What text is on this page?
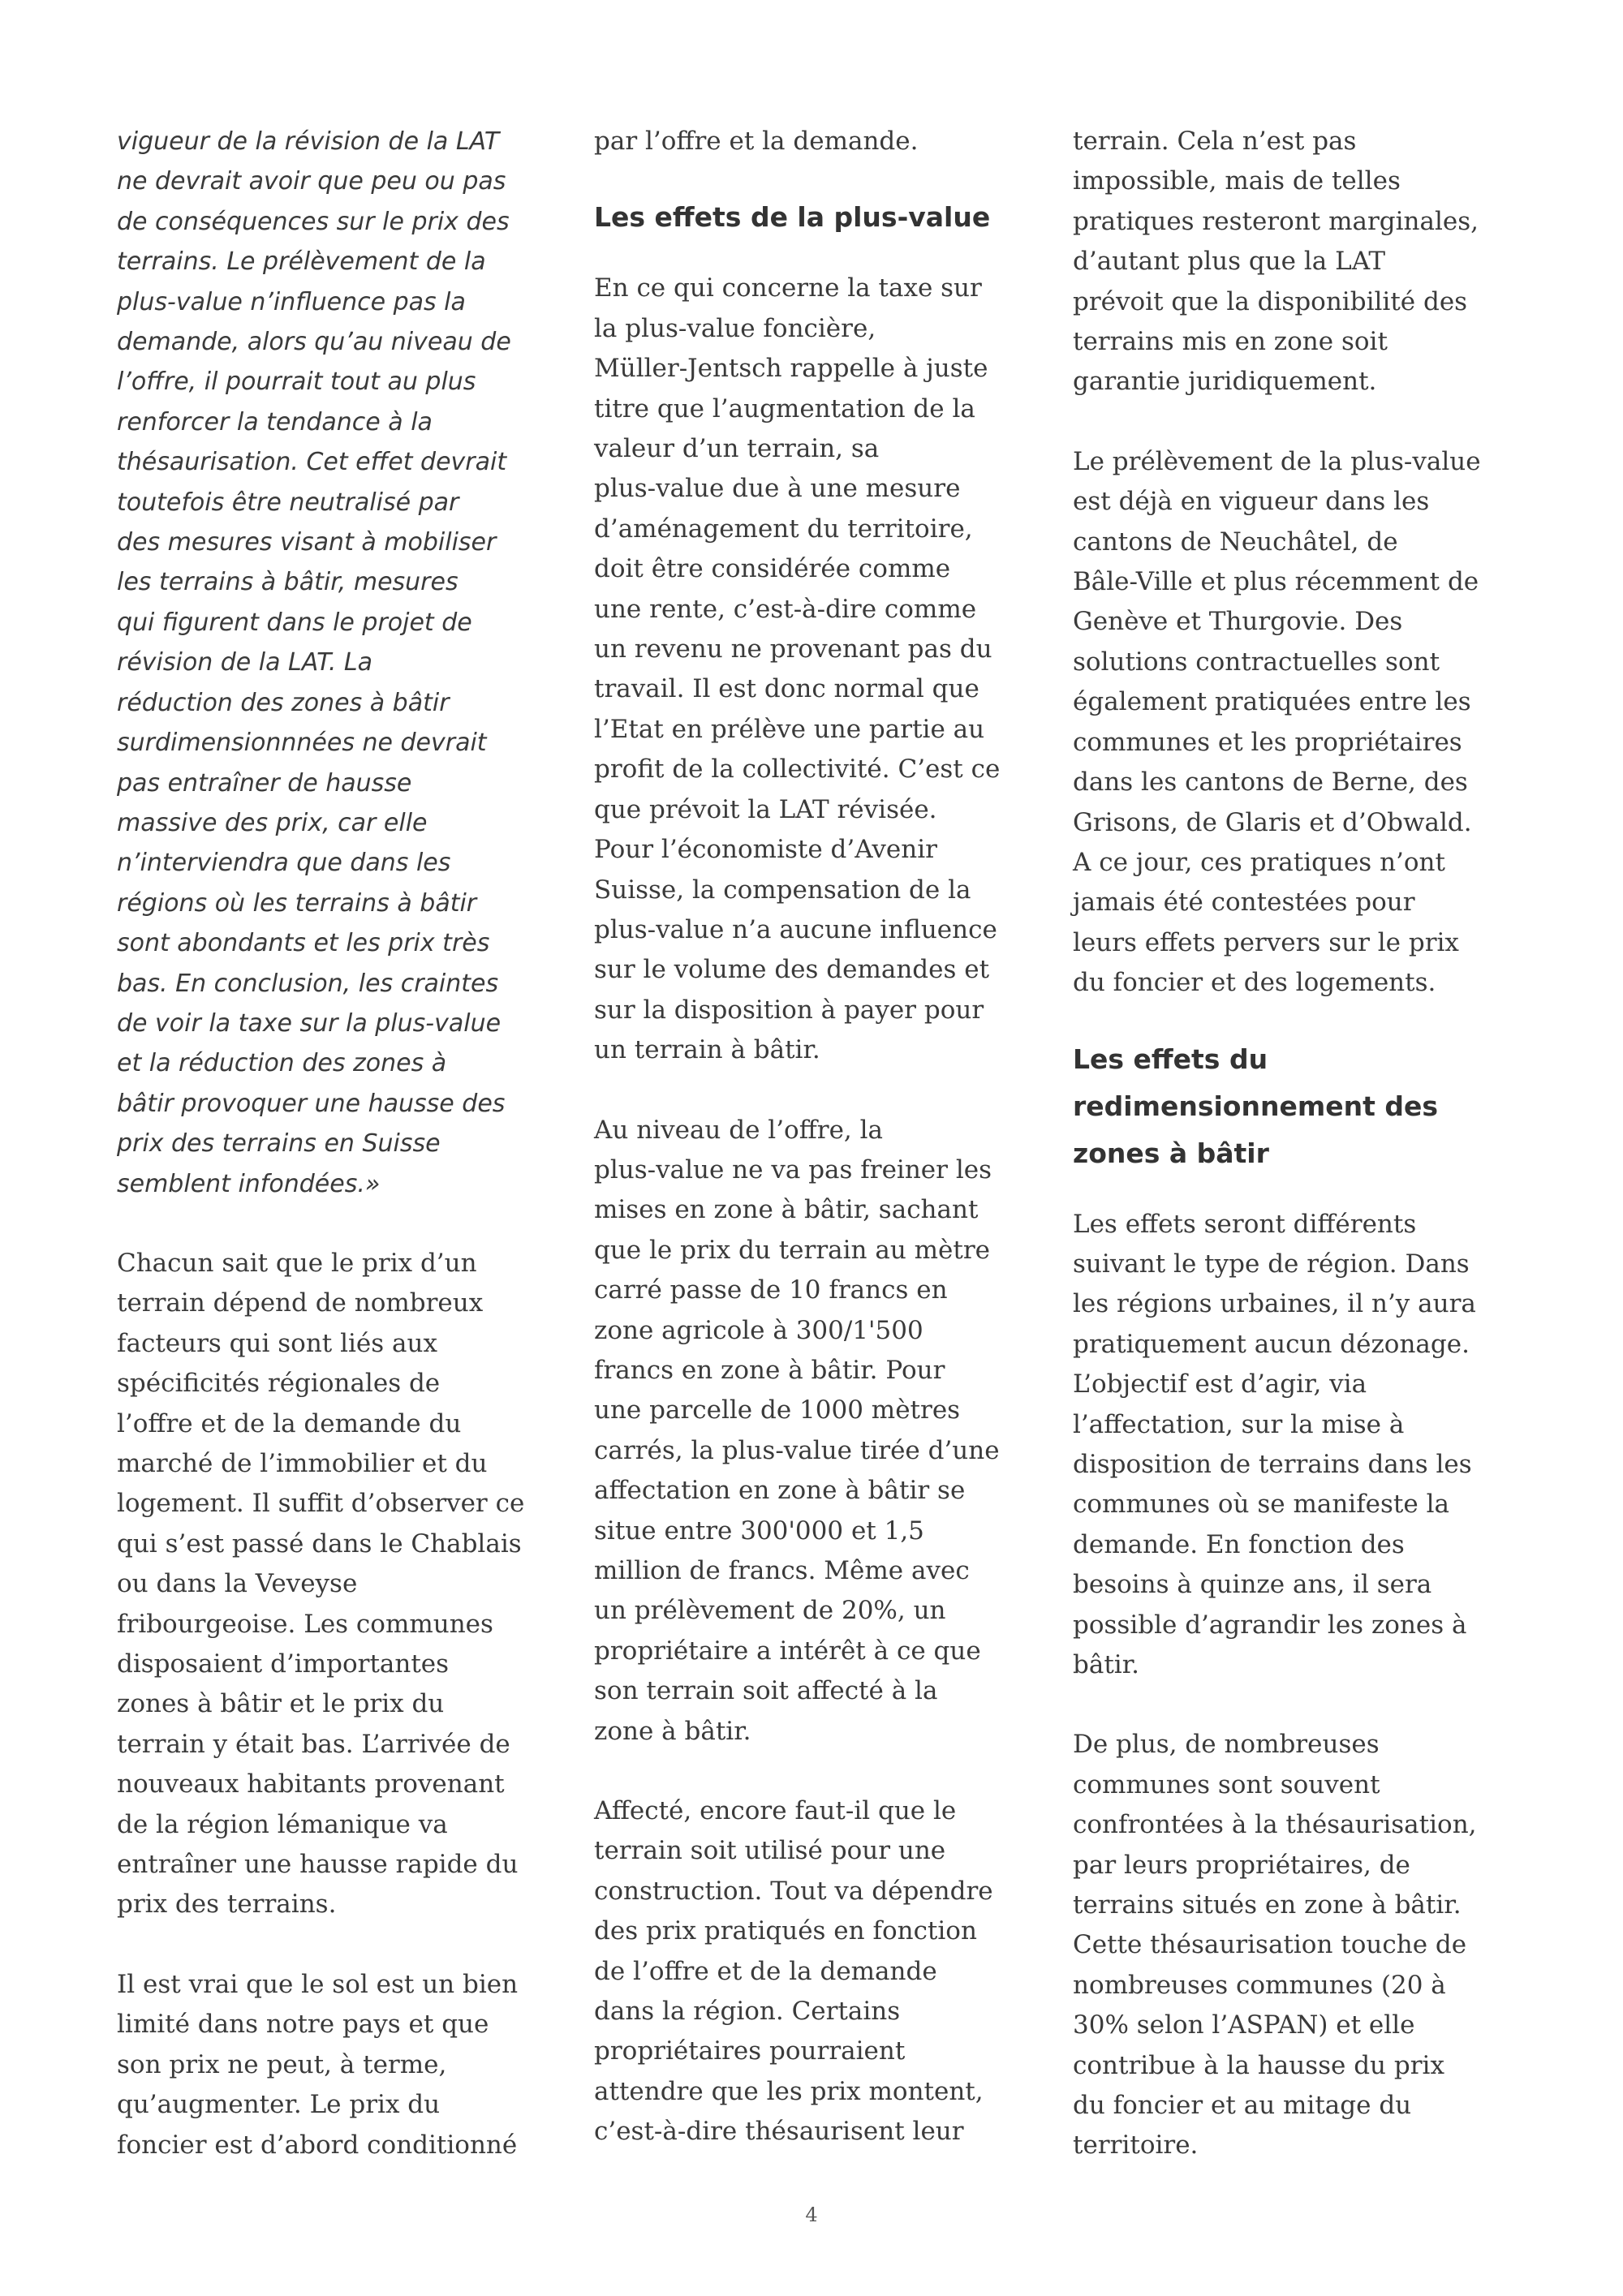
vigueur de la révision de la LAT
ne devrait avoir que peu ou pas
de conséquences sur le prix des
terrains. Le prélèvement de la
plus-value n’influence pas la
demande, alors qu’au niveau de
l’offre, il pourrait tout au plus
renforcer la tendance à la
thésaurisation. Cet effet devrait
toutefois être neutralisé par
des mesures visant à mobiliser
les terrains à bâtir, mesures
qui figurent dans le projet de
révision de la LAT. La
réduction des zones à bâtir
surdimensionnnées ne devrait
pas entraîner de hausse
massive des prix, car elle
n’interviendra que dans les
régions où les terrains à bâtir
sont abondants et les prix très
bas. En conclusion, les craintes
de voir la taxe sur la plus-value
et la réduction des zones à
bâtir provoquer une hausse des
prix des terrains en Suisse
semblent infondées.»

Chacun sait que le prix d’un
terrain dépend de nombreux
facteurs qui sont liés aux
spécificités régionales de
l’offre et de la demande du
marché de l’immobilier et du
logement. Il suffit d’observer ce
qui s’est passé dans le Chablais
ou dans la Veveyse
fribourgeoise. Les communes
disposaient d’importantes
zones à bâtir et le prix du
terrain y était bas. L’arrivée de
nouveaux habitants provenant
de la région lémanique va
entraîner une hausse rapide du
prix des terrains.

Il est vrai que le sol est un bien
limité dans notre pays et que
son prix ne peut, à terme,
qu’augmenter. Le prix du
foncier est d’abord conditionné

par l’offre et la demande.

Les effets de la plus-value

En ce qui concerne la taxe sur
la plus-value foncière,
Müller-Jentsch rappelle à juste
titre que l’augmentation de la
valeur d’un terrain, sa
plus-value due à une mesure
d’aménagement du territoire,
doit être considérée comme
une rente, c’est-à-dire comme
un revenu ne provenant pas du
travail. Il est donc normal que
l’Etat en prélève une partie au
profit de la collectivité. C’est ce
que prévoit la LAT révisée.
Pour l’économiste d’Avenir
Suisse, la compensation de la
plus-value n’a aucune influence
sur le volume des demandes et
sur la disposition à payer pour
un terrain à bâtir.

Au niveau de l’offre, la
plus-value ne va pas freiner les
mises en zone à bâtir, sachant
que le prix du terrain au mètre
carré passe de 10 francs en
zone agricole à 300/1'500
francs en zone à bâtir. Pour
une parcelle de 1000 mètres
carrés, la plus-value tirée d’une
affectation en zone à bâtir se
situe entre 300'000 et 1,5
million de francs. Même avec
un prélèvement de 20%, un
propriétaire a intérêt à ce que
son terrain soit affecté à la
zone à bâtir.

Affecté, encore faut-il que le
terrain soit utilisé pour une
construction. Tout va dépendre
des prix pratiqués en fonction
de l’offre et de la demande
dans la région. Certains
propriétaires pourraient
attendre que les prix montent,
c’est-à-dire thésaurisent leur

terrain. Cela n’est pas
impossible, mais de telles
pratiques resteront marginales,
d’autant plus que la LAT
prévoit que la disponibilité des
terrains mis en zone soit
garantie juridiquement.

Le prélèvement de la plus-value
est déjà en vigueur dans les
cantons de Neuchâtel, de
Bâle-Ville et plus récemment de
Genève et Thurgovie. Des
solutions contractuelles sont
également pratiquées entre les
communes et les propriétaires
dans les cantons de Berne, des
Grisons, de Glaris et d’Obwald.
A ce jour, ces pratiques n’ont
jamais été contestées pour
leurs effets pervers sur le prix
du foncier et des logements.

Les effets du
redimensionnement des
zones à bâtir

Les effets seront différents
suivant le type de région. Dans
les régions urbaines, il n’y aura
pratiquement aucun dézonage.
L’objectif est d’agir, via
l’affectation, sur la mise à
disposition de terrains dans les
communes où se manifeste la
demande. En fonction des
besoins à quinze ans, il sera
possible d’agrandir les zones à
bâtir.

De plus, de nombreuses
communes sont souvent
confrontées à la thésaurisation,
par leurs propriétaires, de
terrains situés en zone à bâtir.
Cette thésaurisation touche de
nombreuses communes (20 à
30% selon l’ASPAN) et elle
contribue à la hausse du prix
du foncier et au mitage du
territoire.

4
